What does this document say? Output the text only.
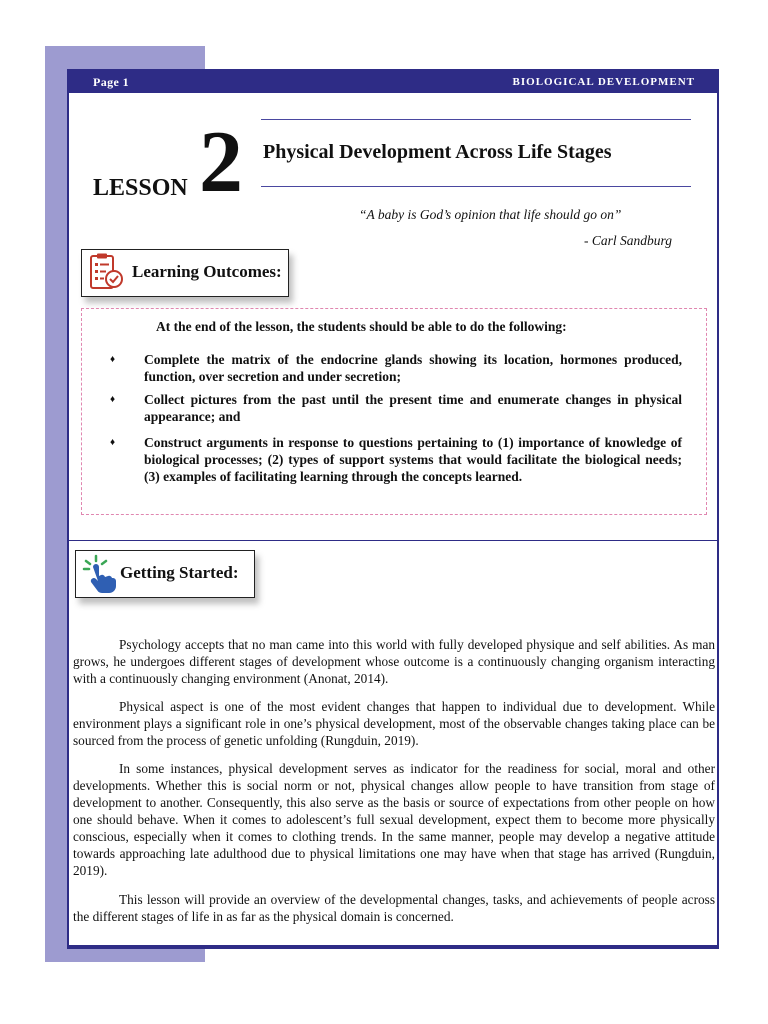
Page 1	BIOLOGICAL DEVELOPMENT
LESSON 2 Physical Development Across Life Stages
“A baby is God’s opinion that life should go on”
- Carl Sandburg
Learning Outcomes:
At the end of the lesson, the students should be able to do the following:
♦ Complete the matrix of the endocrine glands showing its location, hormones produced, function, over secretion and under secretion;
♦ Collect pictures from the past until the present time and enumerate changes in physical appearance; and
♦ Construct arguments in response to questions pertaining to (1) importance of knowledge of biological processes; (2) types of support systems that would facilitate the biological needs; (3) examples of facilitating learning through the concepts learned.
Getting Started:

Psychology accepts that no man came into this world with fully developed physique and self abilities. As man grows, he undergoes different stages of development whose outcome is a continuously changing organism interacting with a continuously changing environment (Anonat, 2014).

Physical aspect is one of the most evident changes that happen to individual due to development. While environment plays a significant role in one’s physical development, most of the observable changes taking place can be sourced from the process of genetic unfolding (Rungduin, 2019).

In some instances, physical development serves as indicator for the readiness for social, moral and other developments. Whether this is social norm or not, physical changes allow people to have transition from stage of development to another. Consequently, this also serve as the basis or source of expectations from other people on how one should behave. When it comes to adolescent’s full sexual development, expect them to become more physically conscious, especially when it comes to clothing trends. In the same manner, people may develop a negative attitude towards approaching late adulthood due to physical limitations one may have when that stage has arrived (Rungduin, 2019).

This lesson will provide an overview of the developmental changes, tasks, and achievements of people across the different stages of life in as far as the physical domain is concerned.
